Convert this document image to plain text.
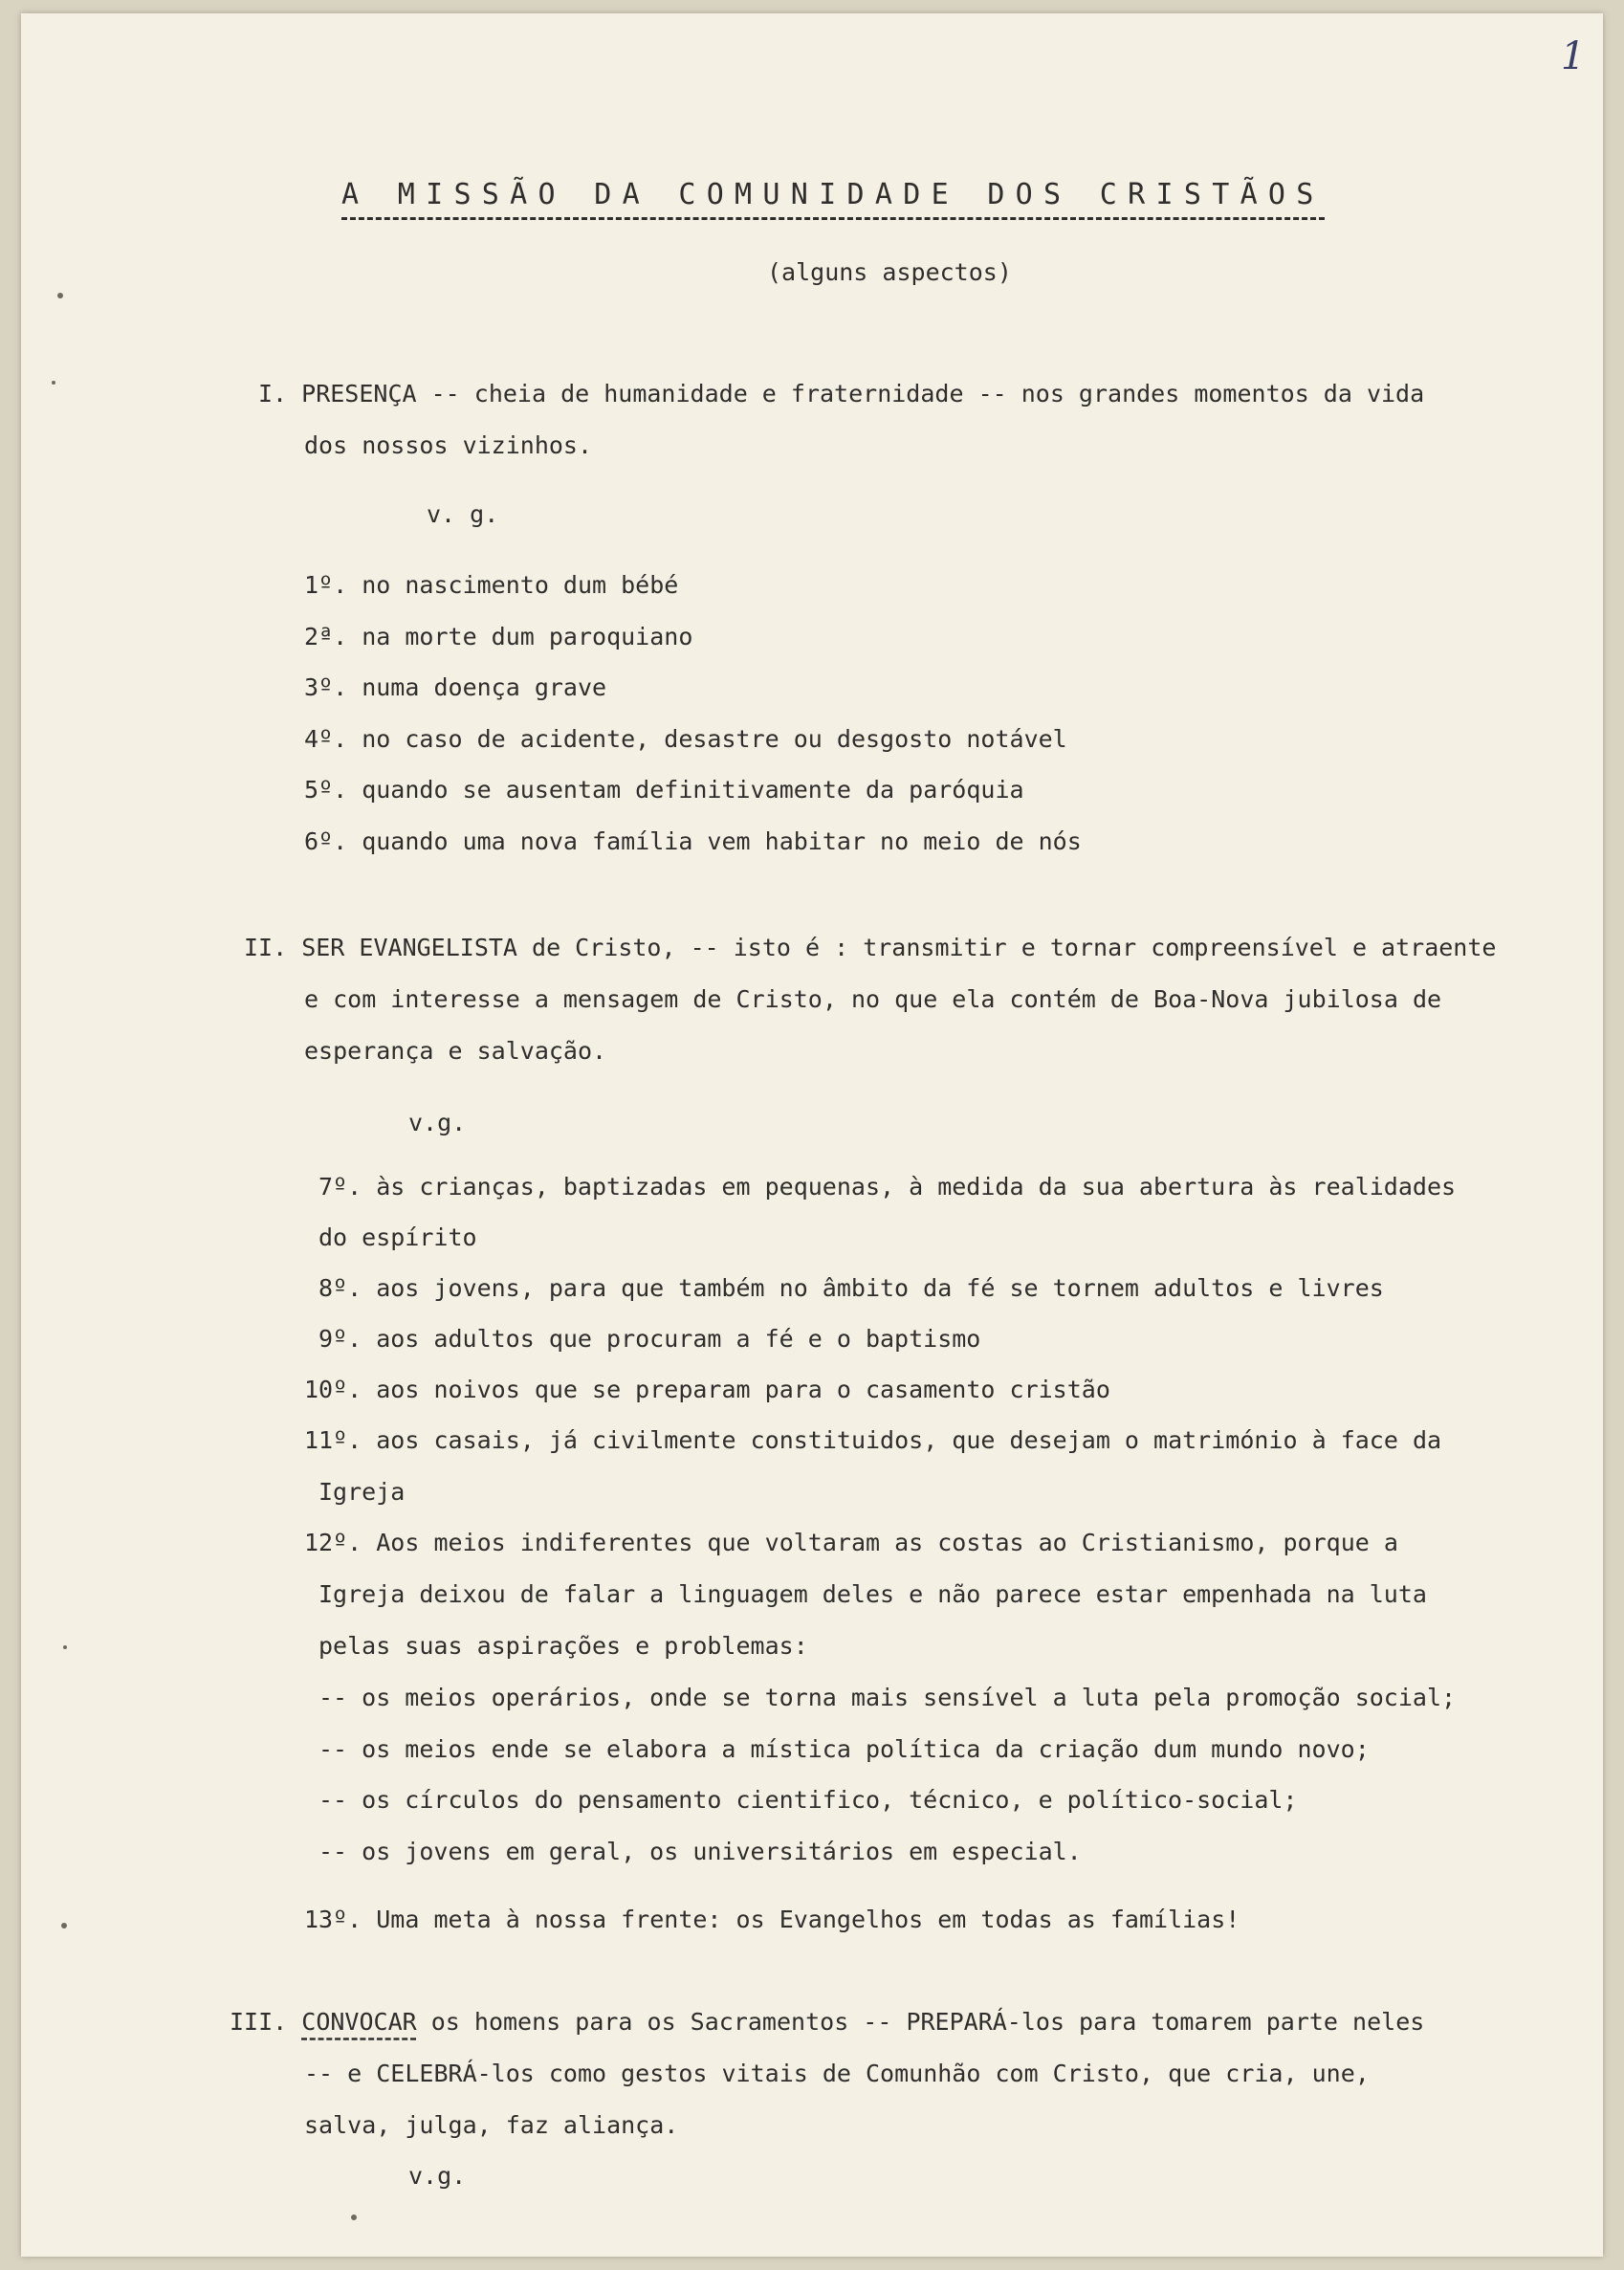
1
A MISSÃO DA COMUNIDADE DOS CRISTÃOS
(alguns aspectos)
I. PRESENÇA -- cheia de humanidade e fraternidade -- nos grandes momentos da vida
dos nossos vizinhos.
v. g.
1º. no nascimento dum bébé
2ª. na morte dum paroquiano
3º. numa doença grave
4º. no caso de acidente, desastre ou desgosto notável
5º. quando se ausentam definitivamente da paróquia
6º. quando uma nova família vem habitar no meio de nós
II. SER EVANGELISTA de Cristo, -- isto é : transmitir e tornar compreensível e atraente
e com interesse a mensagem de Cristo, no que ela contém de Boa-Nova jubilosa de
esperança e salvação.
v.g.
7º. às crianças, baptizadas em pequenas, à medida da sua abertura às realidades
do espírito
8º. aos jovens, para que também no âmbito da fé se tornem adultos e livres
9º. aos adultos que procuram a fé e o baptismo
10º. aos noivos que se preparam para o casamento cristão
11º. aos casais, já civilmente constituidos, que desejam o matrimónio à face da
Igreja
12º. Aos meios indiferentes que voltaram as costas ao Cristianismo, porque a
Igreja deixou de falar a linguagem deles e não parece estar empenhada na luta
pelas suas aspirações e problemas:
-- os meios operários, onde se torna mais sensível a luta pela promoção social;
-- os meios ende se elabora a mística política da criação dum mundo novo;
-- os círculos do pensamento cientifico, técnico, e político-social;
-- os jovens em geral, os universitários em especial.
13º. Uma meta à nossa frente: os Evangelhos em todas as famílias!
III. CONVOCAR os homens para os Sacramentos -- PREPARÁ-los para tomarem parte neles
-- e CELEBRÁ-los como gestos vitais de Comunhão com Cristo, que cria, une,
salva, julga, faz aliança.
v.g.
